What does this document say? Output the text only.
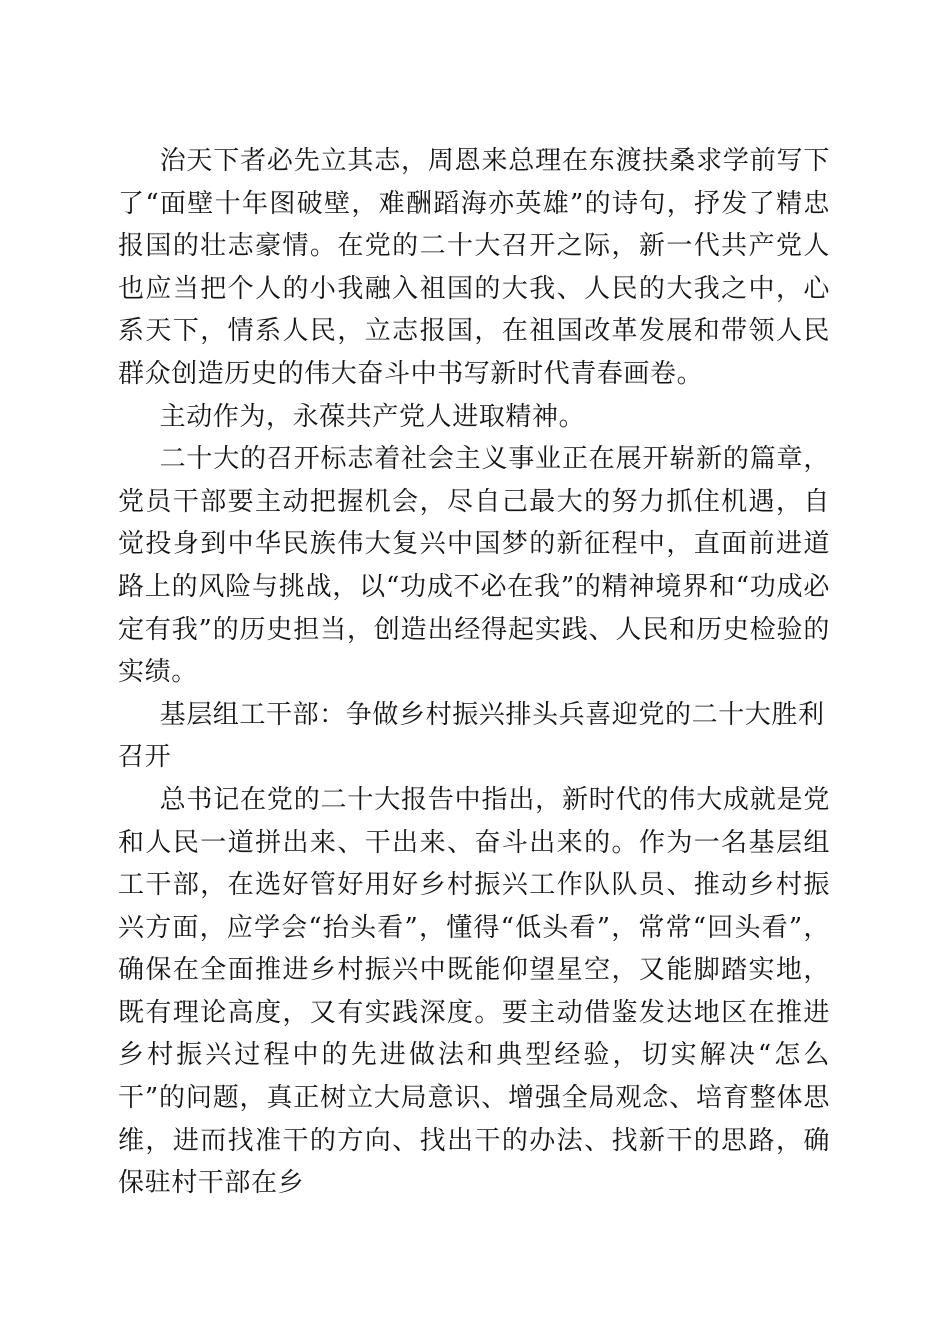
治天下者必先立其志，周恩来总理在东渡扶桑求学前写下了“面壁十年图破壁，难酬蹈海亦英雄”的诗句，抒发了精忠报国的壮志豪情。在党的二十大召开之际，新一代共产党人也应当把个人的小我融入祖国的大我、人民的大我之中，心系天下，情系人民，立志报国，在祖国改革发展和带领人民群众创造历史的伟大奋斗中书写新时代青春画卷。

主动作为，永葆共产党人进取精神。

二十大的召开标志着社会主义事业正在展开崭新的篇章，党员干部要主动把握机会，尽自己最大的努力抓住机遇，自觉投身到中华民族伟大复兴中国梦的新征程中，直面前进道路上的风险与挑战，以“功成不必在我”的精神境界和“功成必定有我”的历史担当，创造出经得起实践、人民和历史检验的实绩。

基层组工干部：争做乡村振兴排头兵喜迎党的二十大胜利召开

总书记在党的二十大报告中指出，新时代的伟大成就是党和人民一道拼出来、干出来、奋斗出来的。作为一名基层组工干部，在选好管好用好乡村振兴工作队队员、推动乡村振兴方面，应学会“抬头看”，懂得“低头看”，常常“回头看”，确保在全面推进乡村振兴中既能仰望星空，又能脚踏实地，既有理论高度，又有实践深度。要主动借鉴发达地区在推进乡村振兴过程中的先进做法和典型经验，切实解决“怎么干”的问题，真正树立大局意识、增强全局观念、培育整体思维，进而找准干的方向、找出干的办法、找新干的思路，确保驻村干部在乡
